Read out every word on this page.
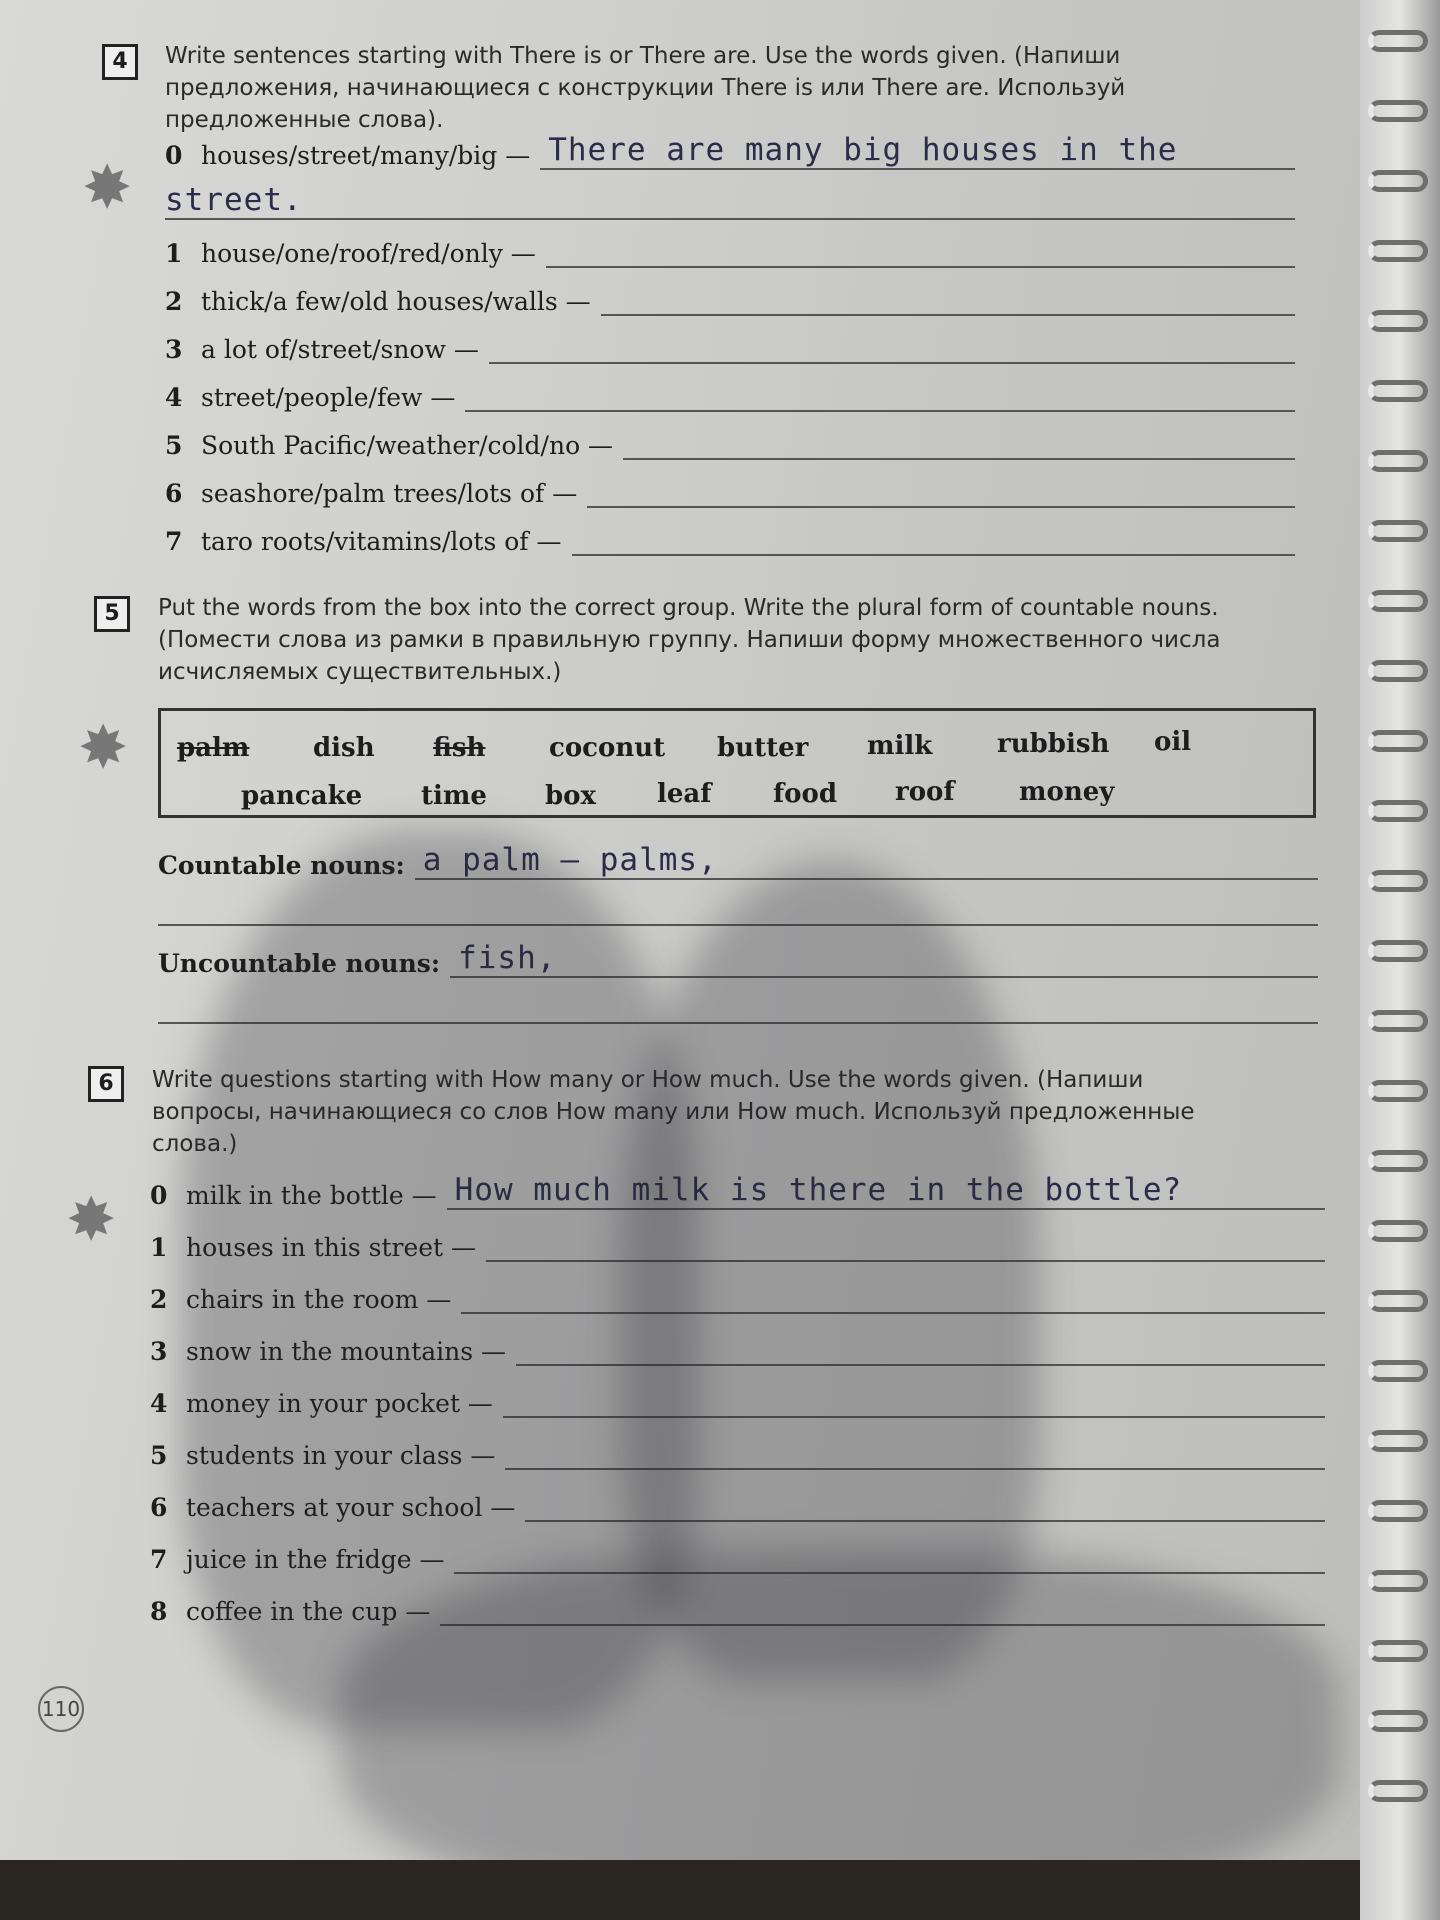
4	Write sentences starting with There is or There are. Use the words given. (Напиши
предложения, начинающиеся с конструкции There is или There are. Используй
предложенные слова).
✸ 0 houses/street/many/big — There are many big houses in the
street.
1 house/one/roof/red/only —
2 thick/a few/old houses/walls —
3 a lot of/street/snow —
4 street/people/few —
5 South Pacific/weather/cold/no —
6 seashore/palm trees/lots of —
7 taro roots/vitamins/lots of —
5	Put the words from the box into the correct group. Write the plural form of countable nouns.
(Помести слова из рамки в правильную группу. Напиши форму множественного числа
исчисляемых существительных.)
✸ palm dish fish coconut butter milk rubbish oil
pancake time box leaf food roof money
Countable nouns: a palm — palms,
Uncountable nouns: fish,
6	Write questions starting with How many or How much. Use the words given. (Напиши
вопросы, начинающиеся со слов How many или How much. Используй предложенные
слова.)
✸ 0 milk in the bottle — How much milk is there in the bottle?
1 houses in this street —
2 chairs in the room —
3 snow in the mountains —
4 money in your pocket —
5 students in your class —
6 teachers at your school —
7 juice in the fridge —
8 coffee in the cup —
110
